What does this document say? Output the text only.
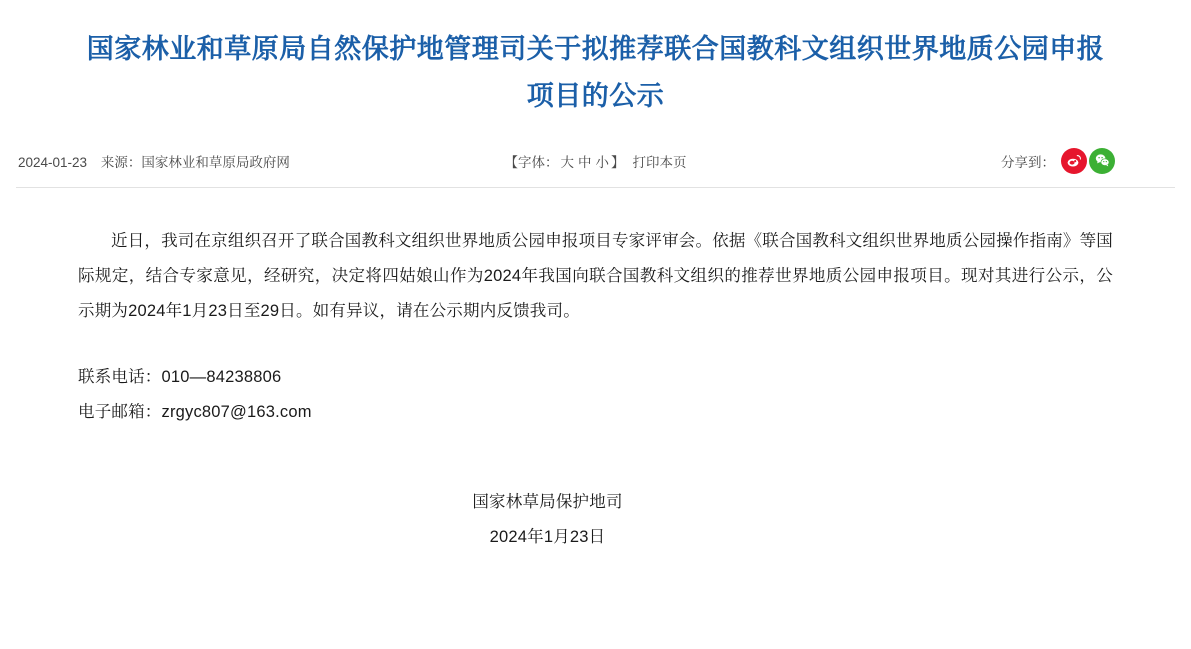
国家林业和草原局自然保护地管理司关于拟推荐联合国教科文组织世界地质公园申报项目的公示
2024-01-23 来源：国家林业和草原局政府网	【字体： 大 中 小 】 打印本页	分享到：

近日，我司在京组织召开了联合国教科文组织世界地质公园申报项目专家评审会。依据《联合国教科文组织世界地质公园操作指南》等国际规定，结合专家意见，经研究，决定将四姑娘山作为2024年我国向联合国教科文组织的推荐世界地质公园申报项目。现对其进行公示，公示期为2024年1月23日至29日。如有异议，请在公示期内反馈我司。

联系电话：010—84238806

电子邮箱：zrgyc807@163.com

国家林草局保护地司

2024年1月23日
